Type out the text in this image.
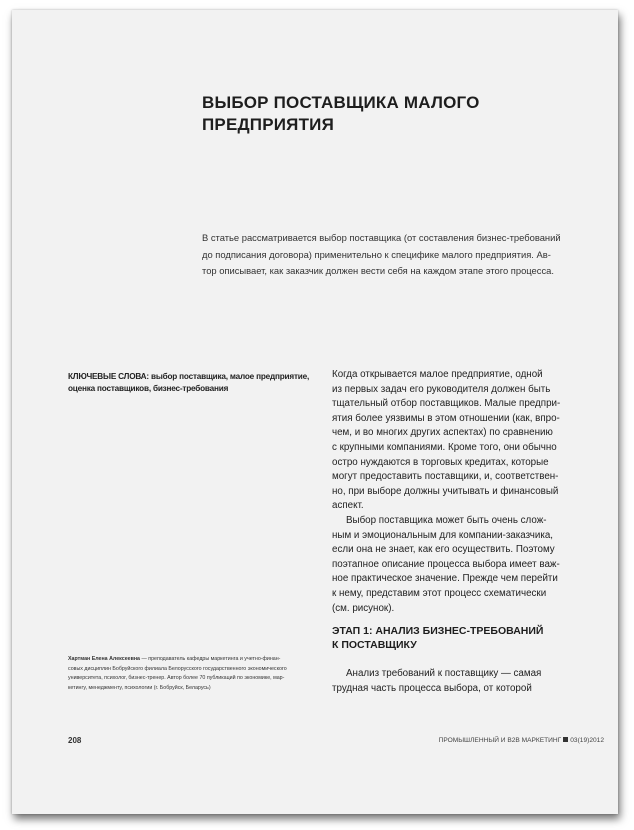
ВЫБОР ПОСТАВЩИКА МАЛОГО
ПРЕДПРИЯТИЯ
В статье рассматривается выбор поставщика (от составления бизнес-требований
до подписания договора) применительно к специфике малого предприятия. Ав-
тор описывает, как заказчик должен вести себя на каждом этапе этого процесса.
КЛЮЧЕВЫЕ СЛОВА: выбор поставщика, малое предприятие,
оценка поставщиков, бизнес-требования
Хартман Елена Алексеевна — преподаватель кафедры маркетинга и учетно-финан-
совых дисциплин Бобруйского филиала Белорусского государственного экономического
университета, психолог, бизнес-тренер. Автор более 70 публикаций по экономике, мар-
кетингу, менеджменту, психологии (г. Бобруйск, Беларусь)

Когда открывается малое предприятие, одной
из первых задач его руководителя должен быть
тщательный отбор поставщиков. Малые предпри-
ятия более уязвимы в этом отношении (как, впро-
чем, и во многих других аспектах) по сравнению
с крупными компаниями. Кроме того, они обычно
остро нуждаются в торговых кредитах, которые
могут предоставить поставщики, и, соответствен-
но, при выборе должны учитывать и финансовый
аспект.

Выбор поставщика может быть очень слож-
ным и эмоциональным для компании-заказчика,
если она не знает, как его осуществить. Поэтому
поэтапное описание процесса выбора имеет важ-
ное практическое значение. Прежде чем перейти
к нему, представим этот процесс схематически
(см. рисунок).

ЭТАП 1: АНАЛИЗ БИЗНЕС-ТРЕБОВАНИЙ
К ПОСТАВЩИКУ
Анализ требований к поставщику — самая
трудная часть процесса выбора, от которой
208	ПРОМЫШЛЕННЫЙ И B2B МАРКЕТИНГ 03(19)2012
